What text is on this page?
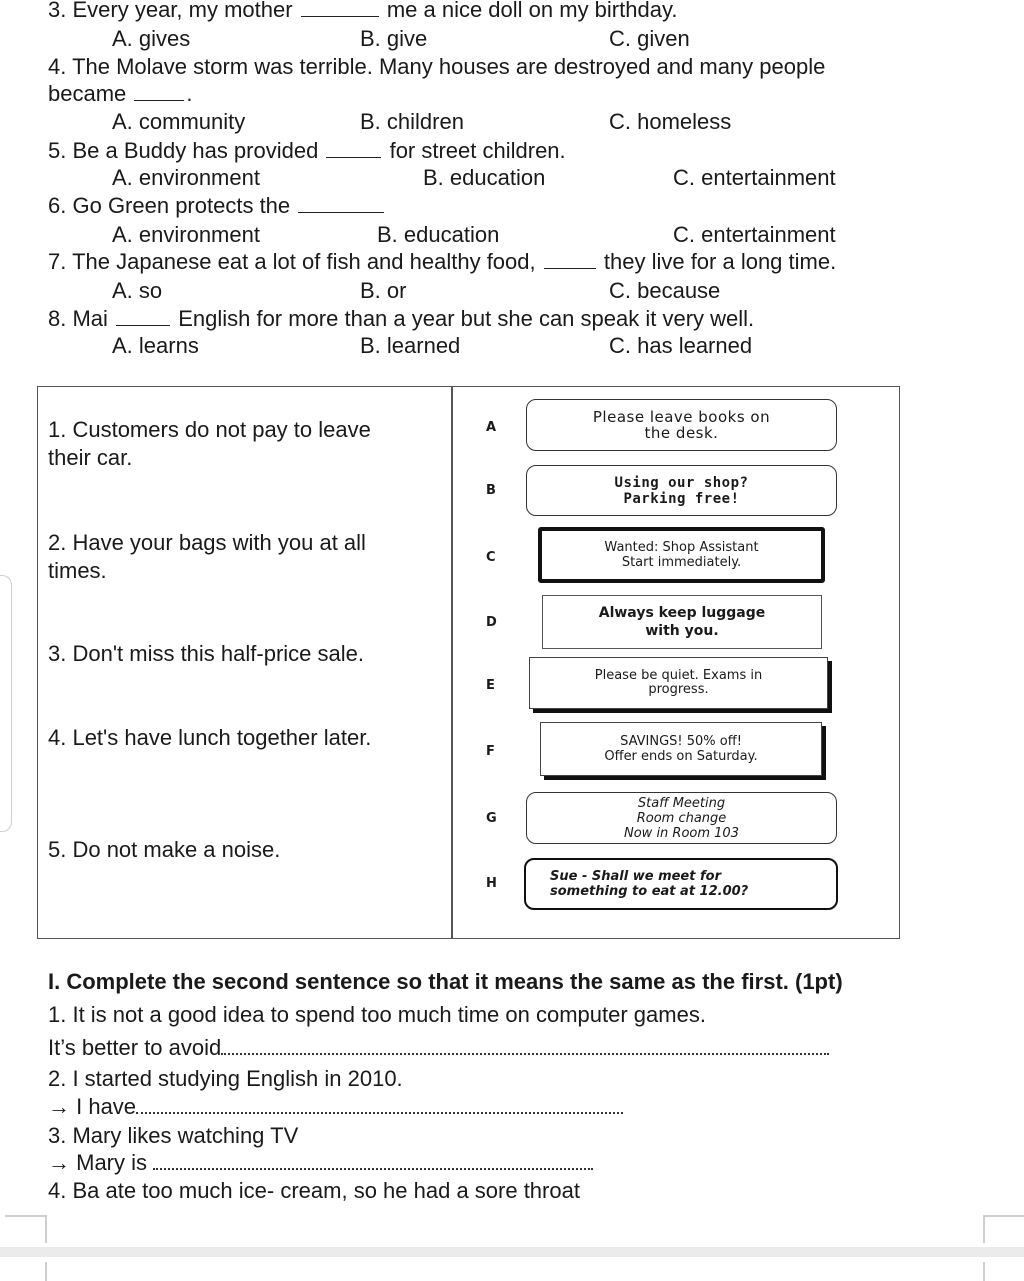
3. Every year, my mother	me a nice doll on my birthday.
A. gives	B. give	C. given
4. The Molave storm was terrible. Many houses are destroyed and many people
became	.
A. community	B. children	C. homeless
5. Be a Buddy has provided	for street children.
A. environment	B. education	C. entertainment
6. Go Green protects the
A. environment	B. education	C. entertainment
7. The Japanese eat a lot of fish and healthy food,	they live for a long time.
A. so	B. or	C. because
8. Mai	English for more than a year but she can speak it very well.
A. learns	B. learned	C. has learned
1. Customers do not pay to leave
their car.
2. Have your bags with you at all
times.
3. Don't miss this half-price sale.
4. Let's have lunch together later.
5. Do not make a noise.
A
Please leave books on
the desk.
B	Using our shop?
Parking free!
C
Wanted: Shop Assistant
Start immediately.
D
Always keep luggage
with you.
E
Please be quiet. Exams in
progress.
F
SAVINGS! 50% off!
Offer ends on Saturday.
G
Staff Meeting
Room change
Now in Room 103
H	Sue - Shall we meet for
something to eat at 12.00?
I. Complete the second sentence so that it means the same as the first. (1pt)
1. It is not a good idea to spend too much time on computer games.
It’s better to avoid
2. I started studying English in 2010.
→ I have
3. Mary likes watching TV
→ Mary is
4. Ba ate too much ice- cream, so he had a sore throat
